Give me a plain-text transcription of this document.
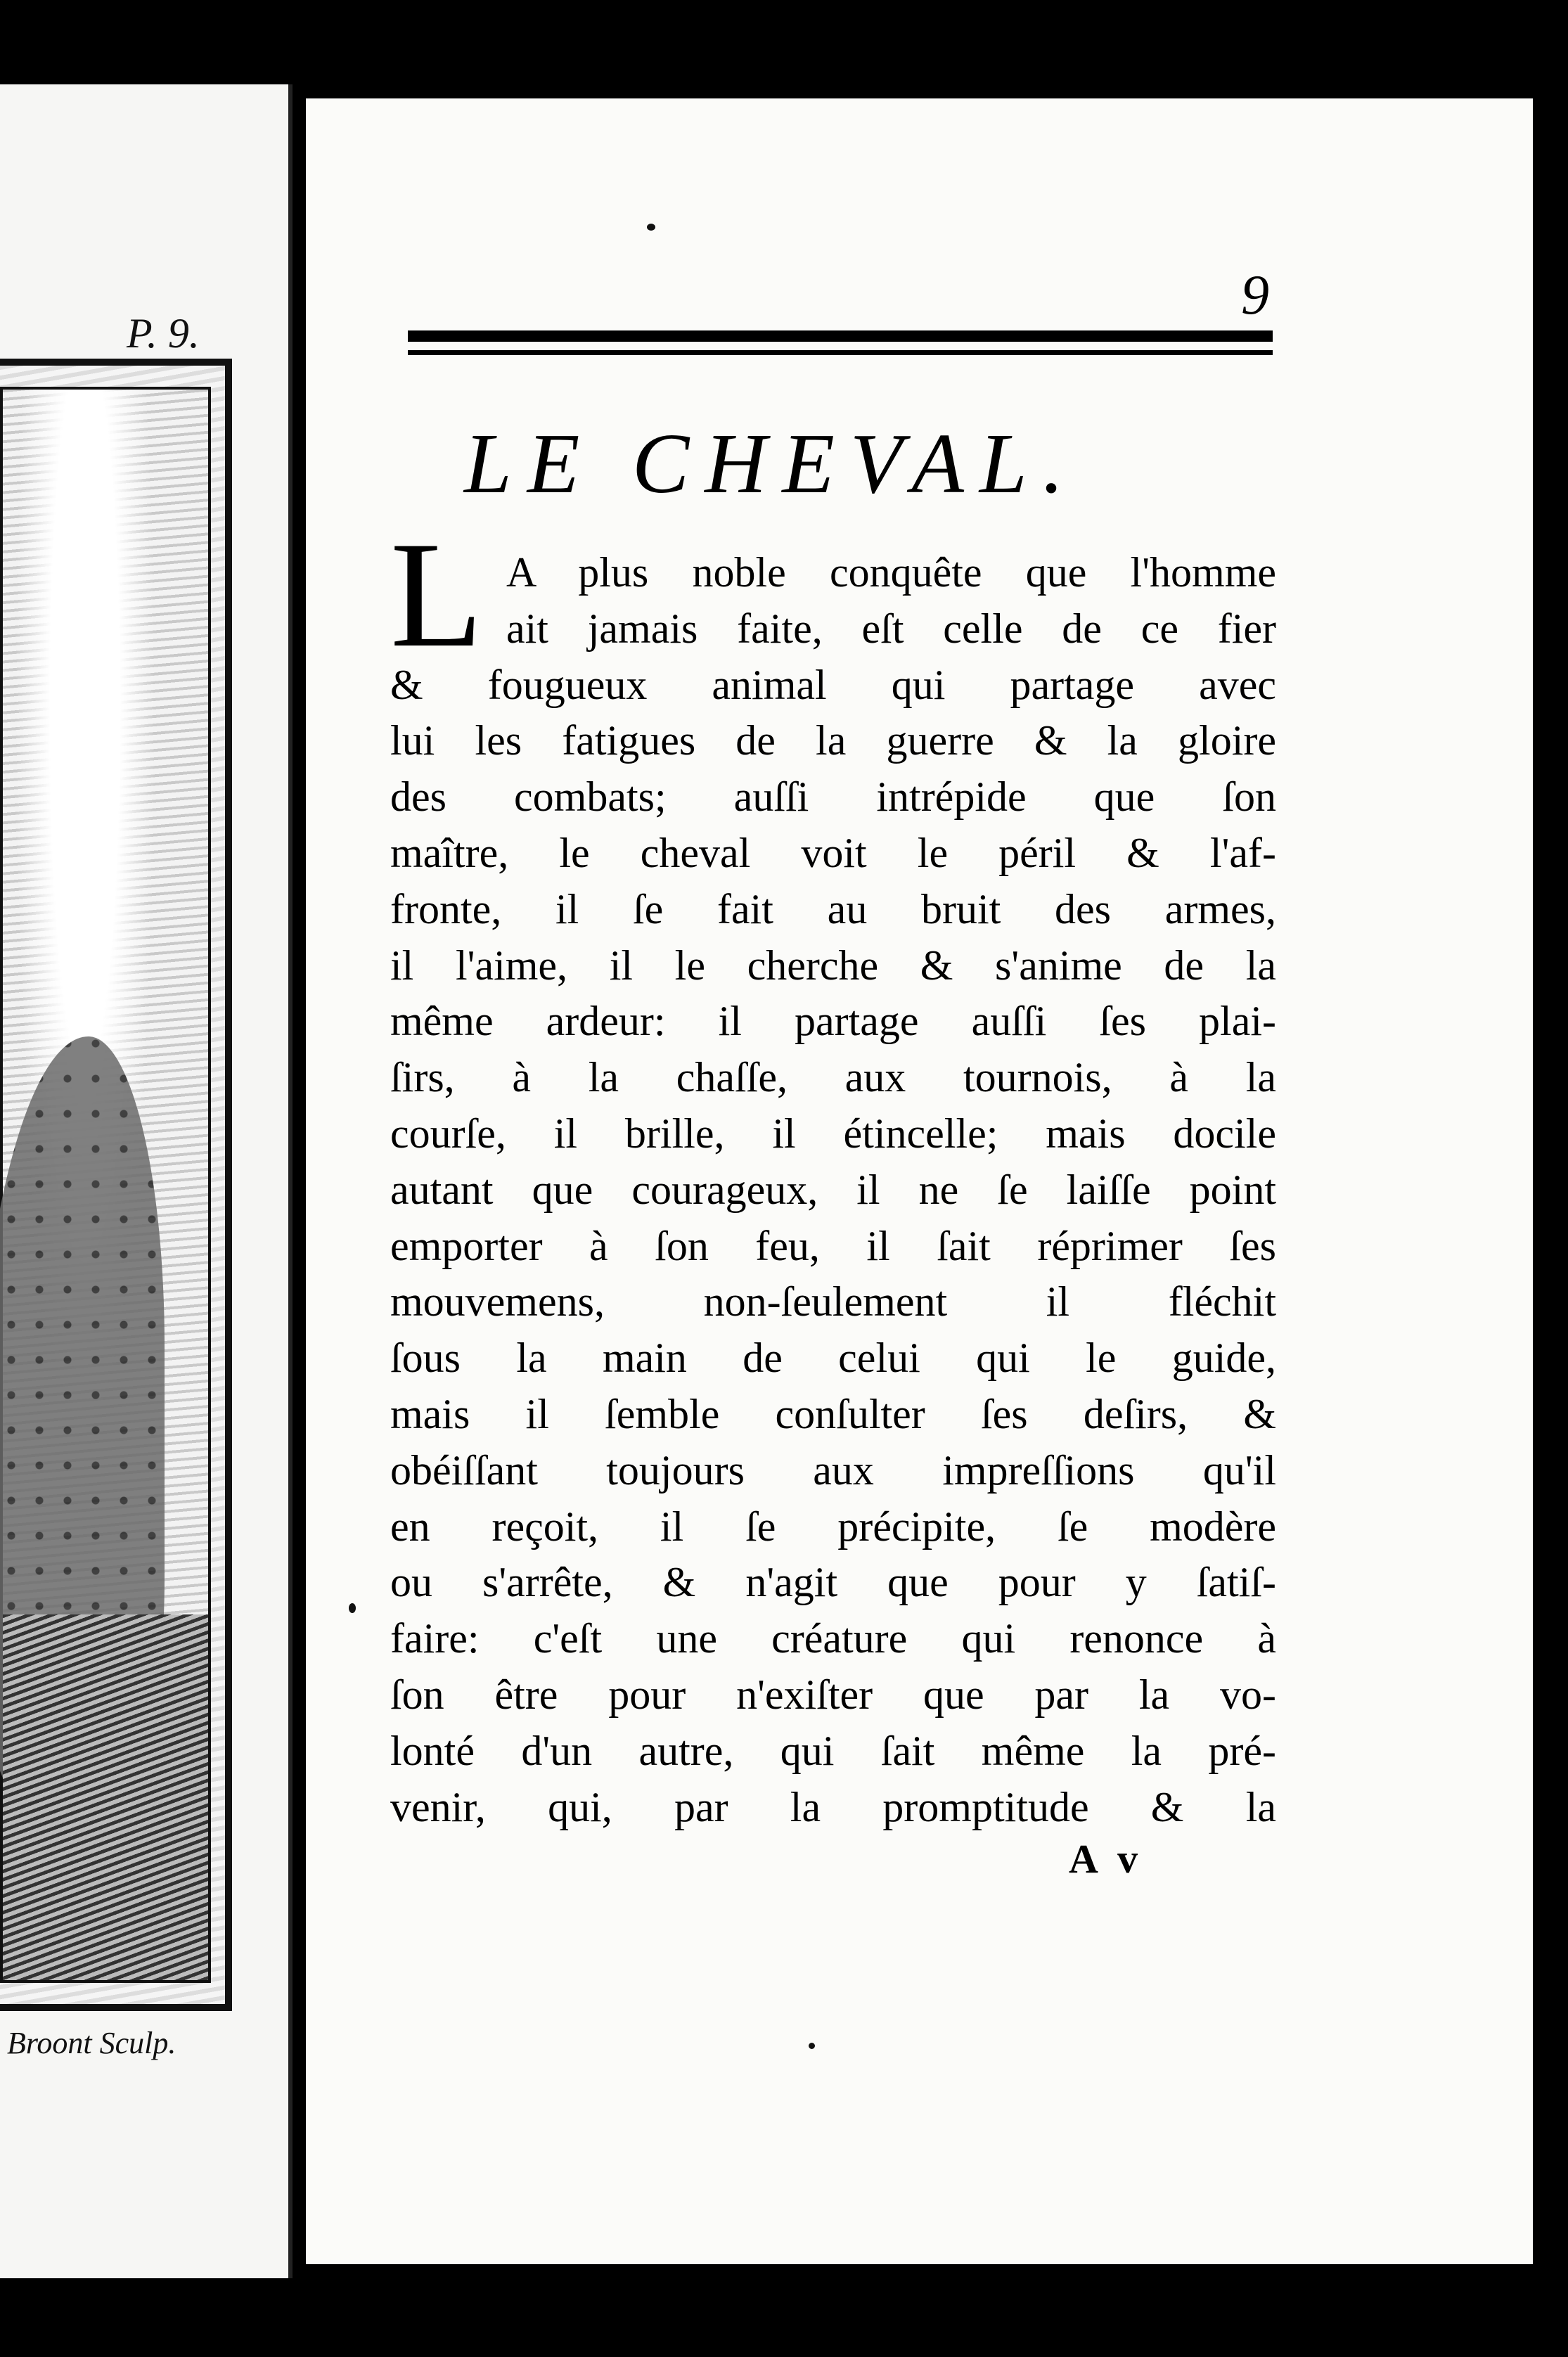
P. 9.
Broont Sculp.
9
LE CHEVAL.
L A plus noble conquête que l'homme
ait jamais faite, eſt celle de ce fier
& fougueux animal qui partage avec
lui les fatigues de la guerre & la gloire
des combats; auſſi intrépide que ſon
maître, le cheval voit le péril & l'af-
fronte, il ſe fait au bruit des armes,
il l'aime, il le cherche & s'anime de la
même ardeur: il partage auſſi ſes plai-
ſirs, à la chaſſe, aux tournois, à la
courſe, il brille, il étincelle; mais docile
autant que courageux, il ne ſe laiſſe point
emporter à ſon feu, il ſait réprimer ſes
mouvemens, non-ſeulement il fléchit
ſous la main de celui qui le guide,
mais il ſemble conſulter ſes deſirs, &
obéiſſant toujours aux impreſſions qu'il
en reçoit, il ſe précipite, ſe modère
ou s'arrête, & n'agit que pour y ſatiſ-
faire: c'eſt une créature qui renonce à
ſon être pour n'exiſter que par la vo-
lonté d'un autre, qui ſait même la pré-
venir, qui, par la promptitude & la
A v
